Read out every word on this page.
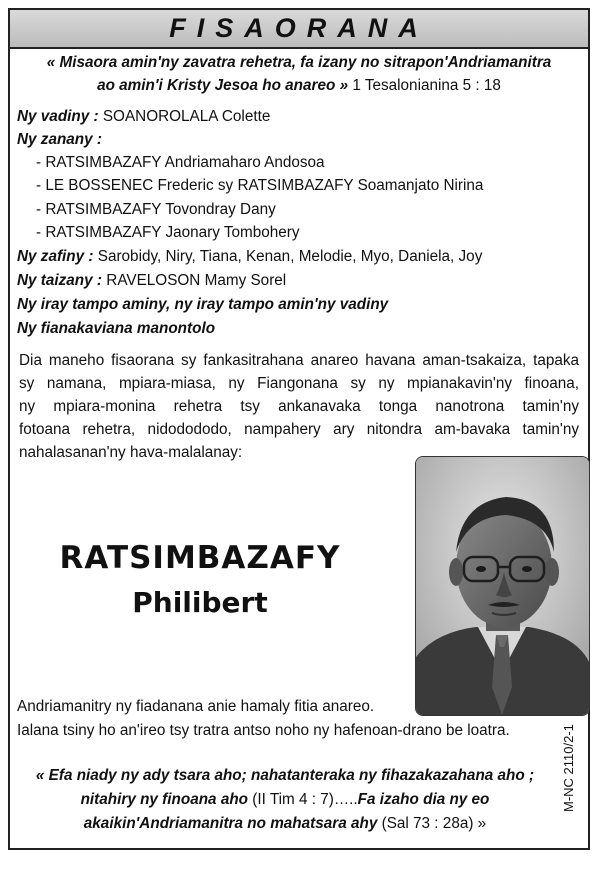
FISAORANA
« Misaora amin'ny zavatra rehetra, fa izany no sitrapon'Andriamanitra
ao amin'i Kristy Jesoa ho anareo » 1 Tesalonianina 5 : 18
Ny vadiny : SOANOROLALA Colette
Ny zanany :
- RATSIMBAZAFY Andriamaharo Andosoa
- LE BOSSENEC Frederic sy RATSIMBAZAFY Soamanjato Nirina
- RATSIMBAZAFY Tovondray Dany
- RATSIMBAZAFY Jaonary Tombohery
Ny zafiny : Sarobidy, Niry, Tiana, Kenan, Melodie, Myo, Daniela, Joy
Ny taizany : RAVELOSON Mamy Sorel
Ny iray tampo aminy, ny iray tampo amin'ny vadiny
Ny fianakaviana manontolo
Dia maneho fisaorana sy fankasitrahana anareo havana aman-tsakaiza, tapaka
sy namana, mpiara-miasa, ny Fiangonana sy ny mpianakavin'ny finoana,
ny mpiara-monina rehetra tsy ankanavaka tonga nanotrona tamin'ny
fotoana rehetra, nidodododo, nampahery ary nitondra am-bavaka tamin'ny
nahalasanan'ny hava-malalanay:
RATSIMBAZAFY
Philibert
Andriamanitry ny fiadanana anie hamaly fitia anareo.
Ialana tsiny ho an'ireo tsy tratra antso noho ny hafenoan-drano be loatra.
« Efa niady ny ady tsara aho; nahatanteraka ny fihazakazahana aho ;
nitahiry ny finoana aho (II Tim 4 : 7)…..Fa izaho dia ny eo
akaikin'Andriamanitra no mahatsara ahy (Sal 73 : 28a) »
M-NC 2110/2-1
